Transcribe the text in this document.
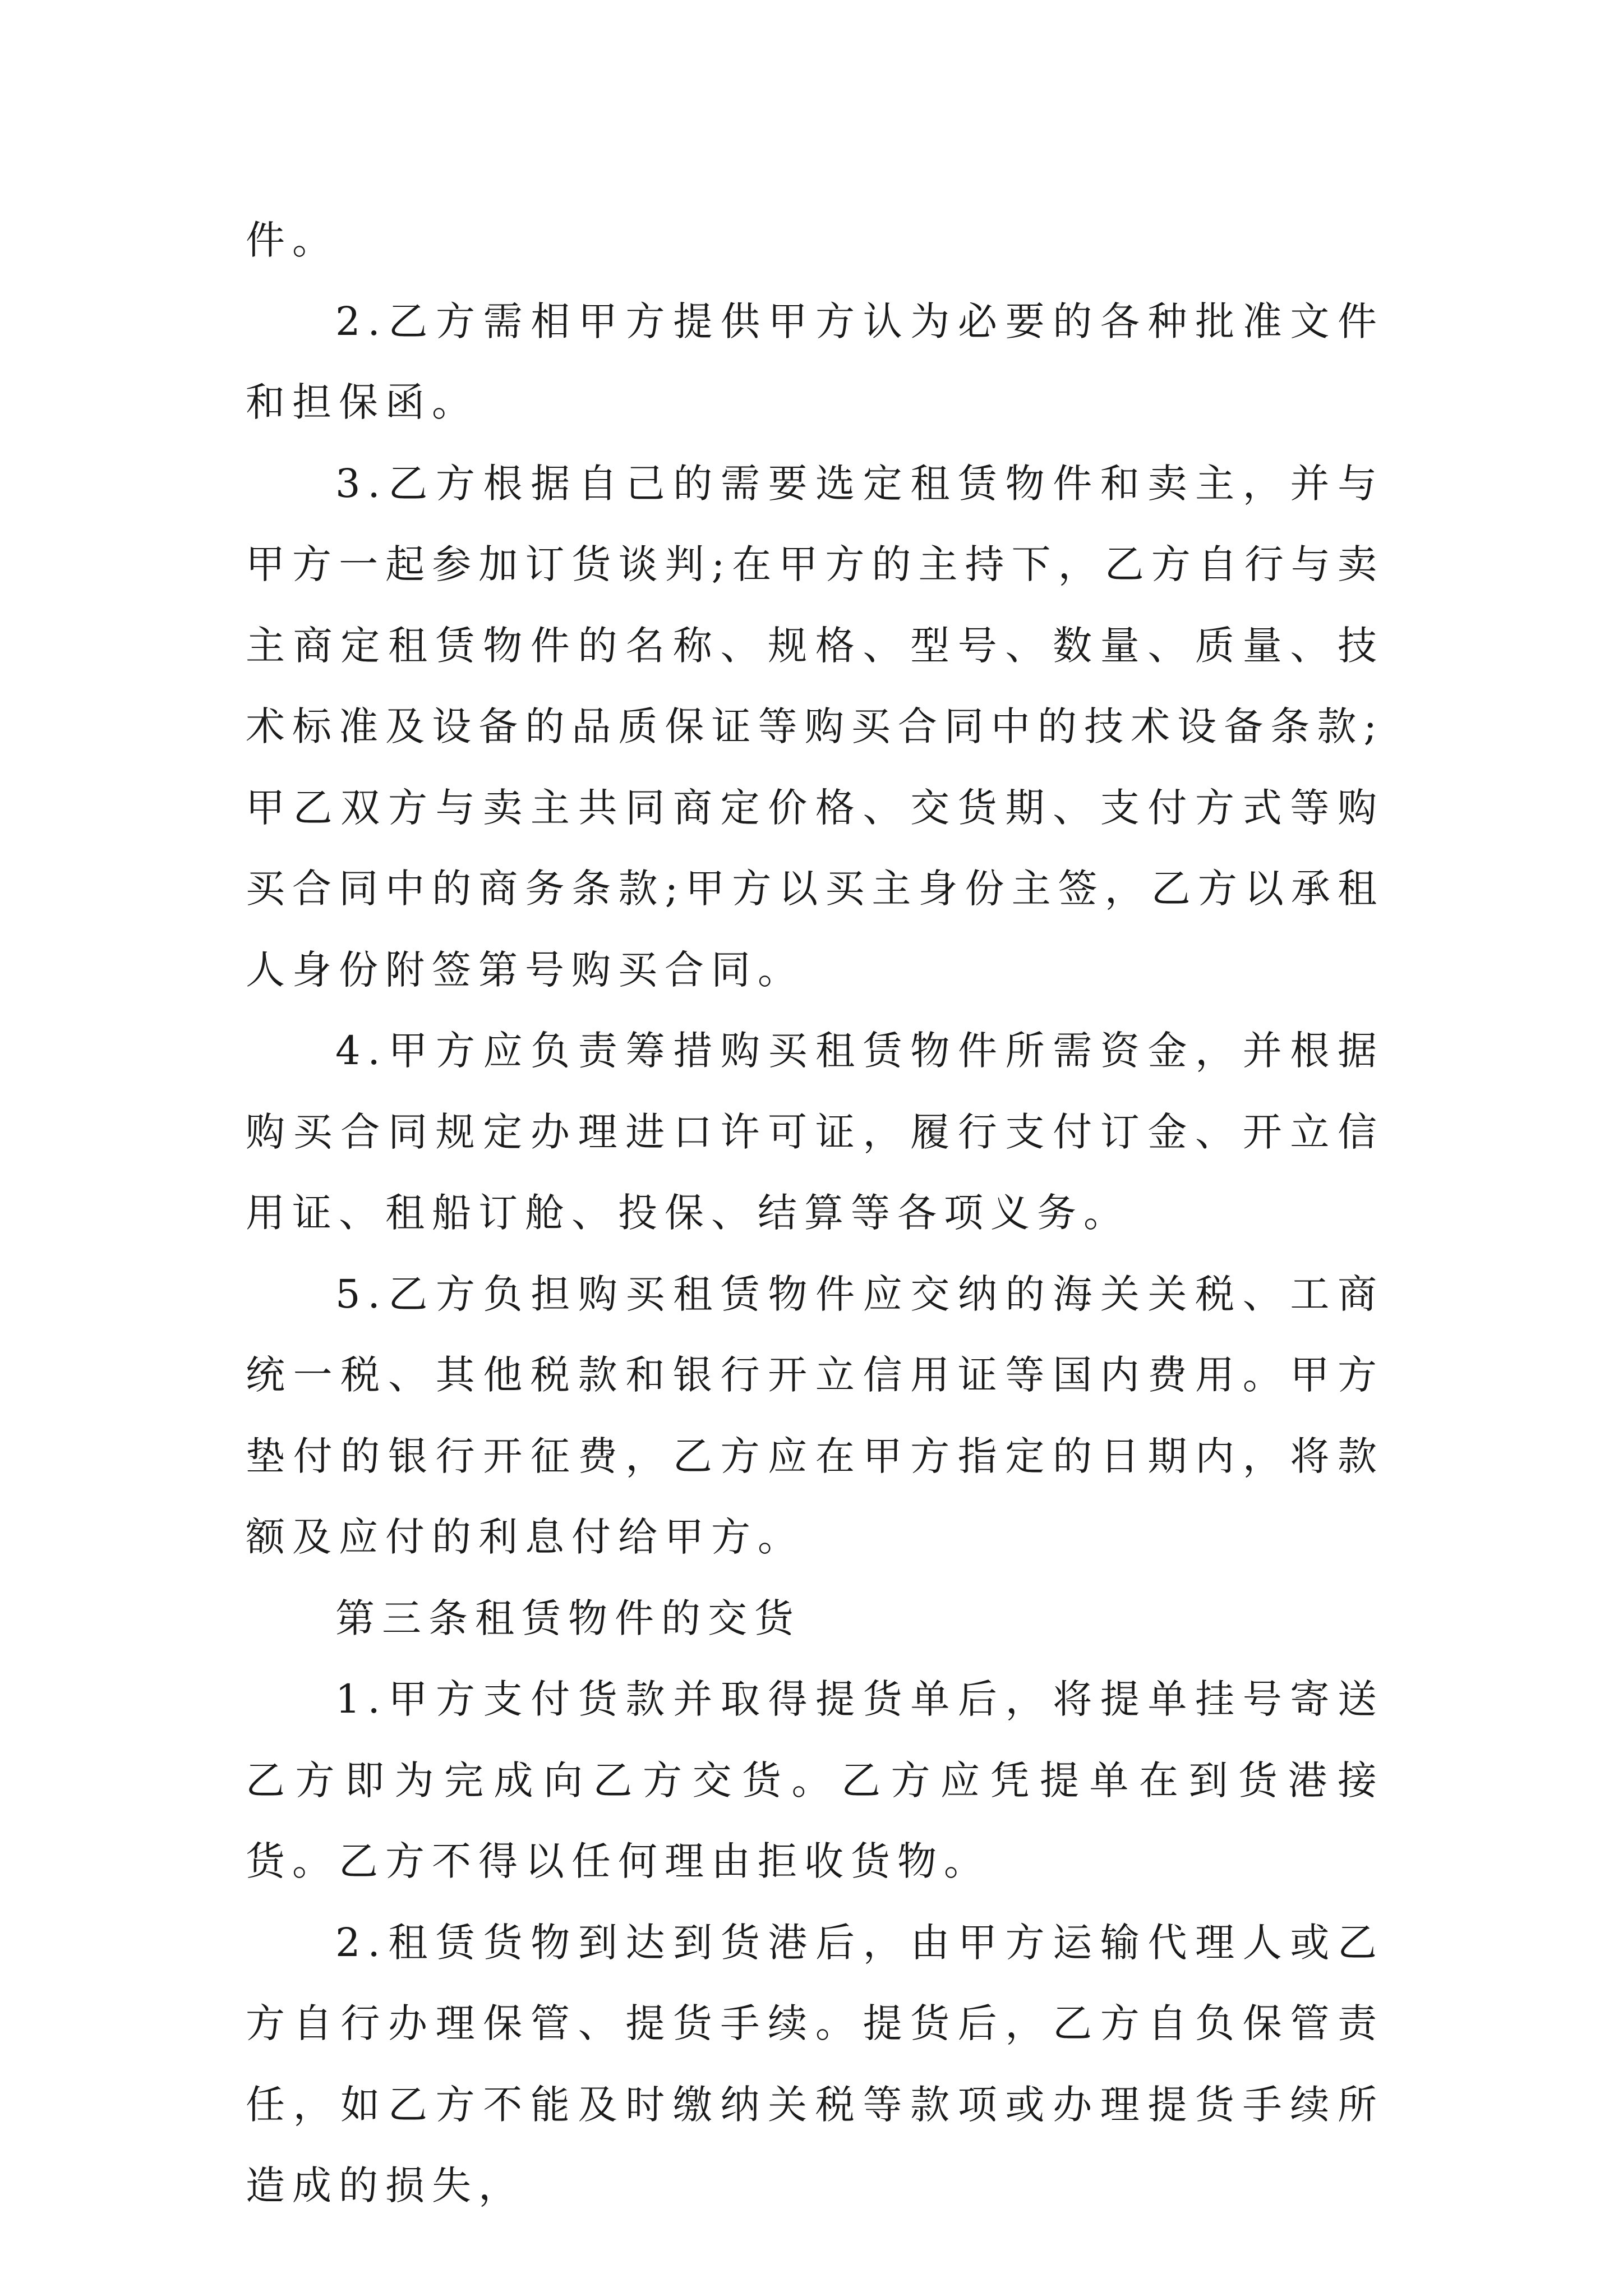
件。

2.乙方需相甲方提供甲方认为必要的各种批准文件和担保函。

3.乙方根据自己的需要选定租赁物件和卖主，并与甲方一起参加订货谈判;在甲方的主持下，乙方自行与卖主商定租赁物件的名称、规格、型号、数量、质量、技术标准及设备的品质保证等购买合同中的技术设备条款;甲乙双方与卖主共同商定价格、交货期、支付方式等购买合同中的商务条款;甲方以买主身份主签，乙方以承租人身份附签第号购买合同。

4.甲方应负责筹措购买租赁物件所需资金，并根据购买合同规定办理进口许可证，履行支付订金、开立信用证、租船订舱、投保、结算等各项义务。

5.乙方负担购买租赁物件应交纳的海关关税、工商统一税、其他税款和银行开立信用证等国内费用。甲方垫付的银行开征费，乙方应在甲方指定的日期内，将款额及应付的利息付给甲方。

第三条租赁物件的交货

1.甲方支付货款并取得提货单后，将提单挂号寄送乙方即为完成向乙方交货。乙方应凭提单在到货港接货。乙方不得以任何理由拒收货物。

2.租赁货物到达到货港后，由甲方运输代理人或乙方自行办理保管、提货手续。提货后，乙方自负保管责任，如乙方不能及时缴纳关税等款项或办理提货手续所造成的损失，
